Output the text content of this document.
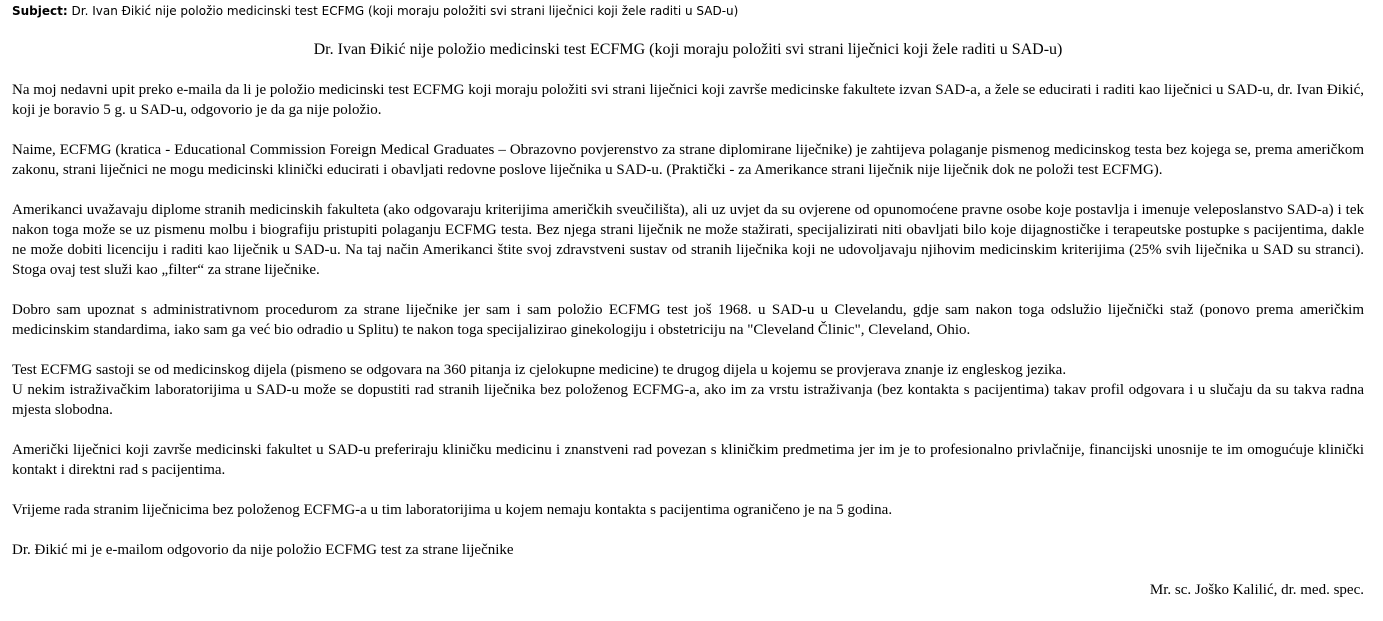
Subject: Dr. Ivan Đikić nije položio medicinski test ECFMG (koji moraju položiti svi strani liječnici koji žele raditi u SAD-u)
Dr. Ivan Đikić nije položio medicinski test ECFMG (koji moraju položiti svi strani liječnici koji žele raditi u SAD-u)

Na moj nedavni upit preko e-maila da li je položio medicinski test ECFMG koji moraju položiti svi strani liječnici koji završe medicinske fakultete izvan SAD-a, a žele se educirati i raditi kao liječnici u SAD-u, dr. Ivan Đikić, koji je boravio 5 g. u SAD-u, odgovorio je da ga nije položio.

Naime, ECFMG (kratica - Educational Commission Foreign Medical Graduates – Obrazovno povjerenstvo za strane diplomirane liječnike) je zahtijeva polaganje pismenog medicinskog testa bez kojega se, prema američkom zakonu, strani liječnici ne mogu medicinski klinički educirati i obavljati redovne poslove liječnika u SAD-u. (Praktički - za Amerikance strani liječnik nije liječnik dok ne položi test ECFMG).

Amerikanci uvažavaju diplome stranih medicinskih fakulteta (ako odgovaraju kriterijima američkih sveučilišta), ali uz uvjet da su ovjerene od opunomoćene pravne osobe koje postavlja i imenuje veleposlanstvo SAD-a) i tek nakon toga može se uz pismenu molbu i biografiju pristupiti polaganju ECFMG testa. Bez njega strani liječnik ne može stažirati, specijalizirati niti obavljati bilo koje dijagnostičke i terapeutske postupke s pacijentima, dakle ne može dobiti licenciju i raditi kao liječnik u SAD-u. Na taj način Amerikanci štite svoj zdravstveni sustav od stranih liječnika koji ne udovoljavaju njihovim medicinskim kriterijima (25% svih liječnika u SAD su stranci). Stoga ovaj test služi kao „filter“ za strane liječnike.

Dobro sam upoznat s administrativnom procedurom za strane liječnike jer sam i sam položio ECFMG test još 1968. u SAD-u u Clevelandu, gdje sam nakon toga odslužio liječnički staž (ponovo prema američkim medicinskim standardima, iako sam ga već bio odradio u Splitu) te nakon toga specijalizirao ginekologiju i obstetriciju na "Cleveland Člinic", Cleveland, Ohio.

Test ECFMG sastoji se od medicinskog dijela (pismeno se odgovara na 360 pitanja iz cjelokupne medicine) te drugog dijela u kojemu se provjerava znanje iz engleskog jezika.

U nekim istraživačkim laboratorijima u SAD-u može se dopustiti rad stranih liječnika bez položenog ECFMG-a, ako im za vrstu istraživanja (bez kontakta s pacijentima) takav profil odgovara i u slučaju da su takva radna mjesta slobodna.

Američki liječnici koji završe medicinski fakultet u SAD-u preferiraju kliničku medicinu i znanstveni rad povezan s kliničkim predmetima jer im je to profesionalno privlačnije, financijski unosnije te im omogućuje klinički kontakt i direktni rad s pacijentima.

Vrijeme rada stranim liječnicima bez položenog ECFMG-a u tim laboratorijima u kojem nemaju kontakta s pacijentima ograničeno je na 5 godina.

Dr. Đikić mi je e-mailom odgovorio da nije položio ECFMG test za strane liječnike

Mr. sc. Joško Kalilić, dr. med. spec.
